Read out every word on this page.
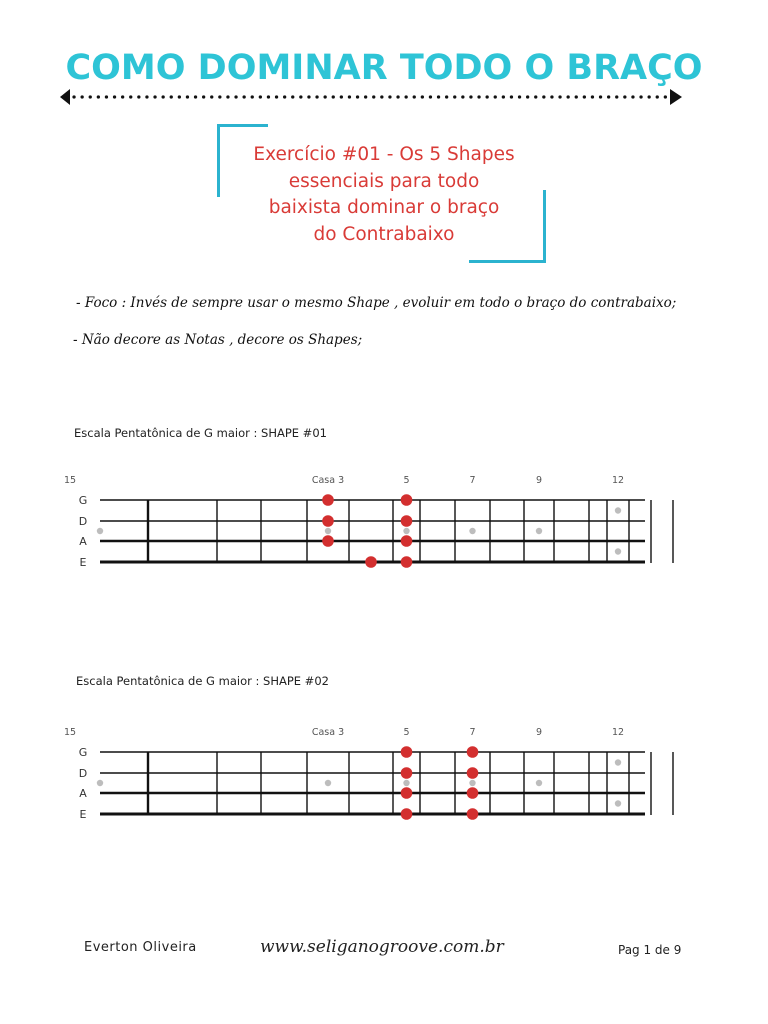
COMO DOMINAR TODO O BRAÇO
Exercício #01 - Os 5 Shapes
essenciais para todo
baixista dominar o braço
do Contrabaixo
- Foco : Invés de sempre usar o mesmo Shape , evoluir em todo o braço do contrabaixo;
- Não decore as Notas , decore os Shapes;
Escala Pentatônica de G maior : SHAPE #01
G
D
A
E
Casa 3	5	7	9	12
15
Escala Pentatônica de G maior : SHAPE #02
G
D
A
E
Casa 3	5	7	9	12
15
Everton Oliveira	www.seliganogroove.com.br	Pag 1 de 9
